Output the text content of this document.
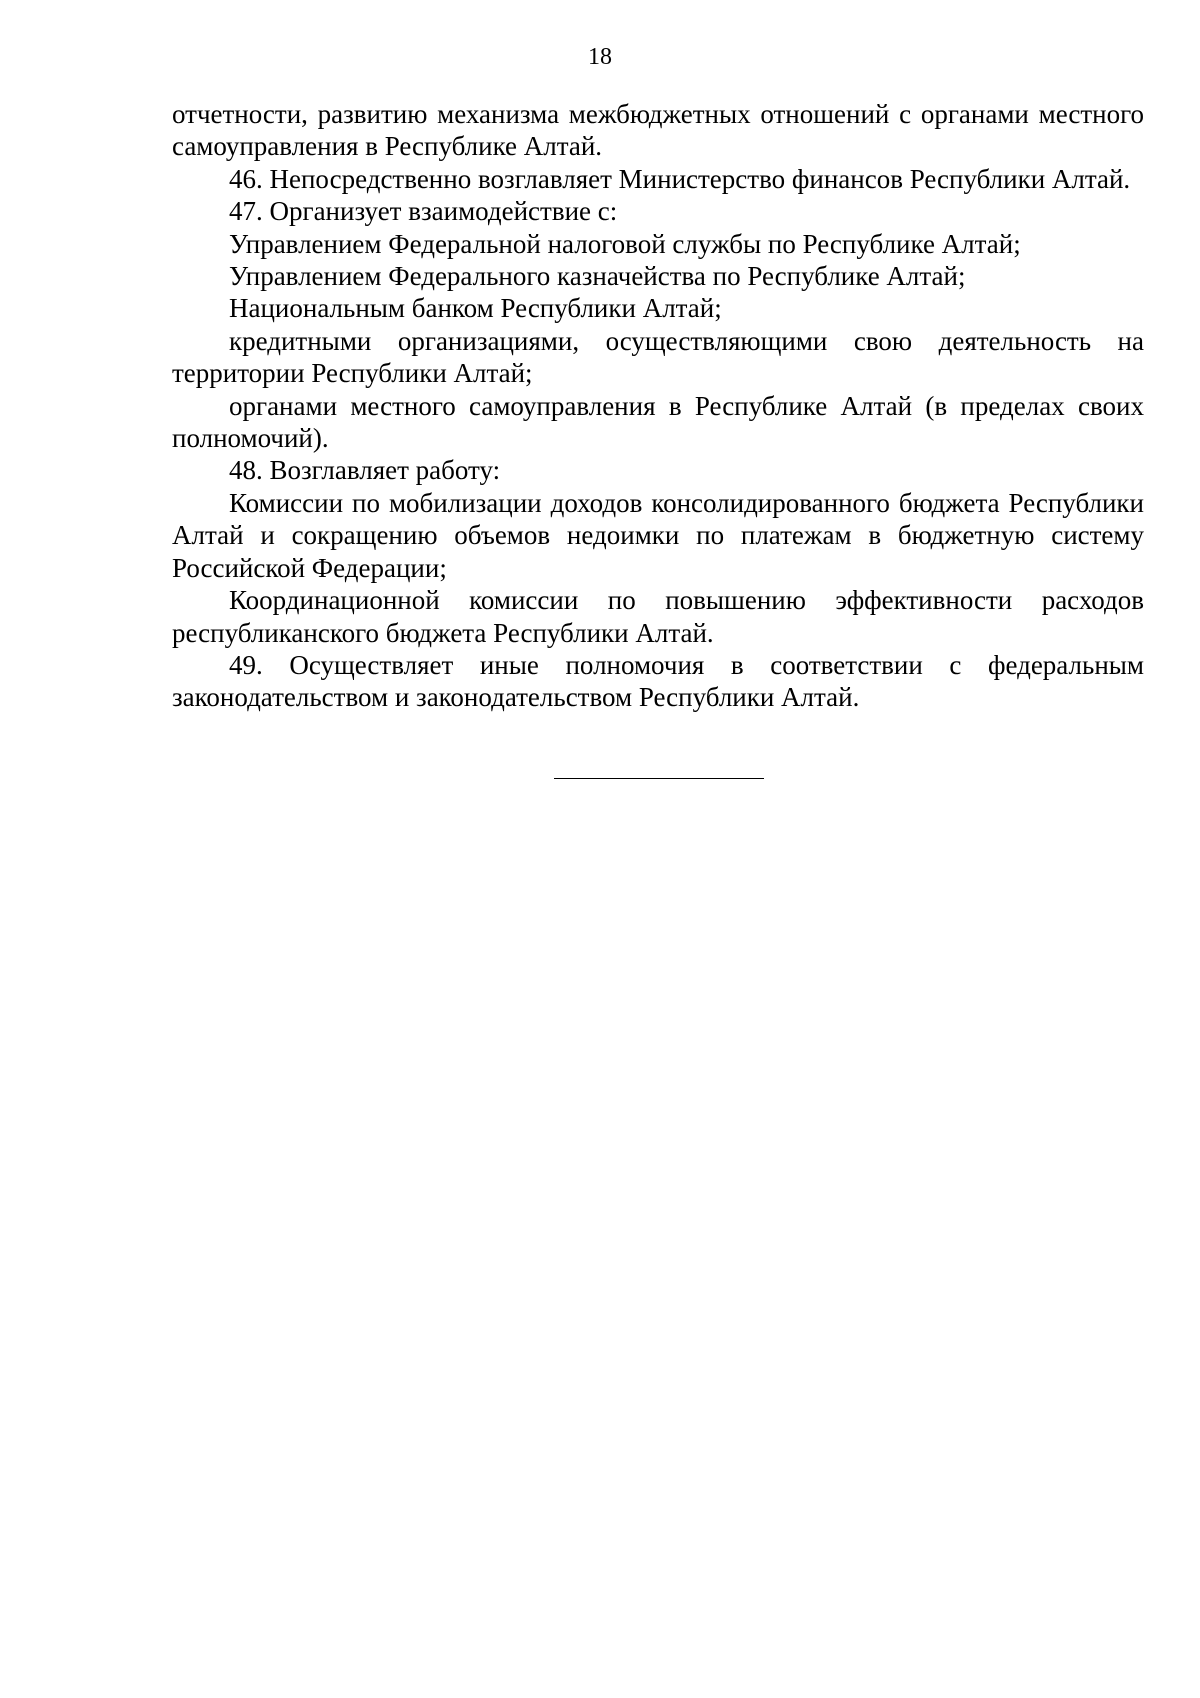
18

отчетности, развитию механизма межбюджетных отношений с органами местного самоуправления в Республике Алтай.

46. Непосредственно возглавляет Министерство финансов Республики Алтай.

47. Организует взаимодействие с:

Управлением Федеральной налоговой службы по Республике Алтай;

Управлением Федерального казначейства по Республике Алтай;

Национальным банком Республики Алтай;

кредитными организациями, осуществляющими свою деятельность на территории Республики Алтай;

органами местного самоуправления в Республике Алтай (в пределах своих полномочий).

48. Возглавляет работу:

Комиссии по мобилизации доходов консолидированного бюджета Республики Алтай и сокращению объемов недоимки по платежам в бюджетную систему Российской Федерации;

Координационной комиссии по повышению эффективности расходов республиканского бюджета Республики Алтай.

49. Осуществляет иные полномочия в соответствии с федеральным законодательством и законодательством Республики Алтай.
